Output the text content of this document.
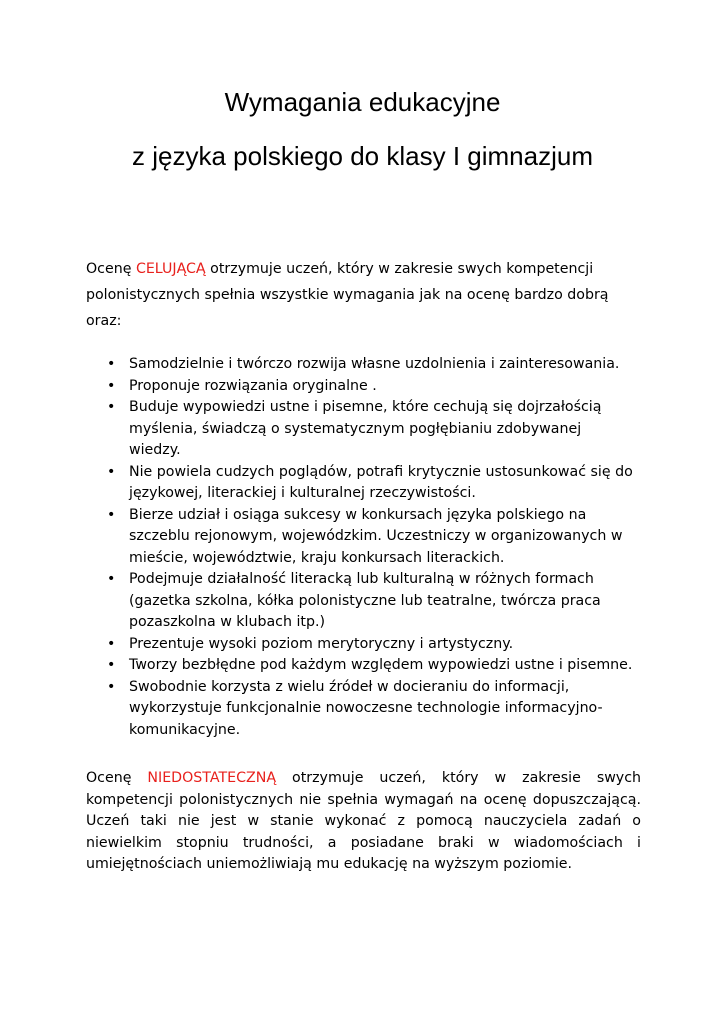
Wymagania edukacyjne
z języka polskiego do klasy I gimnazjum

Ocenę CELUJĄCĄ otrzymuje uczeń, który w zakresie swych kompetencji polonistycznych spełnia wszystkie wymagania jak na ocenę bardzo dobrą oraz:

• Samodzielnie i twórczo rozwija własne uzdolnienia i zainteresowania.
• Proponuje rozwiązania oryginalne .
• Buduje wypowiedzi ustne i pisemne, które cechują się dojrzałością myślenia, świadczą o systematycznym pogłębianiu zdobywanej wiedzy.
• Nie powiela cudzych poglądów, potrafi krytycznie ustosunkować się do językowej, literackiej i kulturalnej rzeczywistości.
• Bierze udział i osiąga sukcesy w konkursach języka polskiego na szczeblu rejonowym, wojewódzkim. Uczestniczy w organizowanych w mieście, województwie, kraju konkursach literackich.
• Podejmuje działalność literacką lub kulturalną w różnych formach (gazetka szkolna, kółka polonistyczne lub teatralne, twórcza praca pozaszkolna w klubach itp.)
• Prezentuje wysoki poziom merytoryczny i artystyczny.
• Tworzy bezbłędne pod każdym względem wypowiedzi ustne i pisemne.
• Swobodnie korzysta z wielu źródeł w docieraniu do informacji, wykorzystuje funkcjonalnie nowoczesne technologie informacyjno-komunikacyjne.

Ocenę NIEDOSTATECZNĄ otrzymuje uczeń, który w zakresie swych kompetencji polonistycznych nie spełnia wymagań na ocenę dopuszczającą. Uczeń taki nie jest w stanie wykonać z pomocą nauczyciela zadań o niewielkim stopniu trudności, a posiadane braki w wiadomościach i umiejętnościach uniemożliwiają mu edukację na wyższym poziomie.
